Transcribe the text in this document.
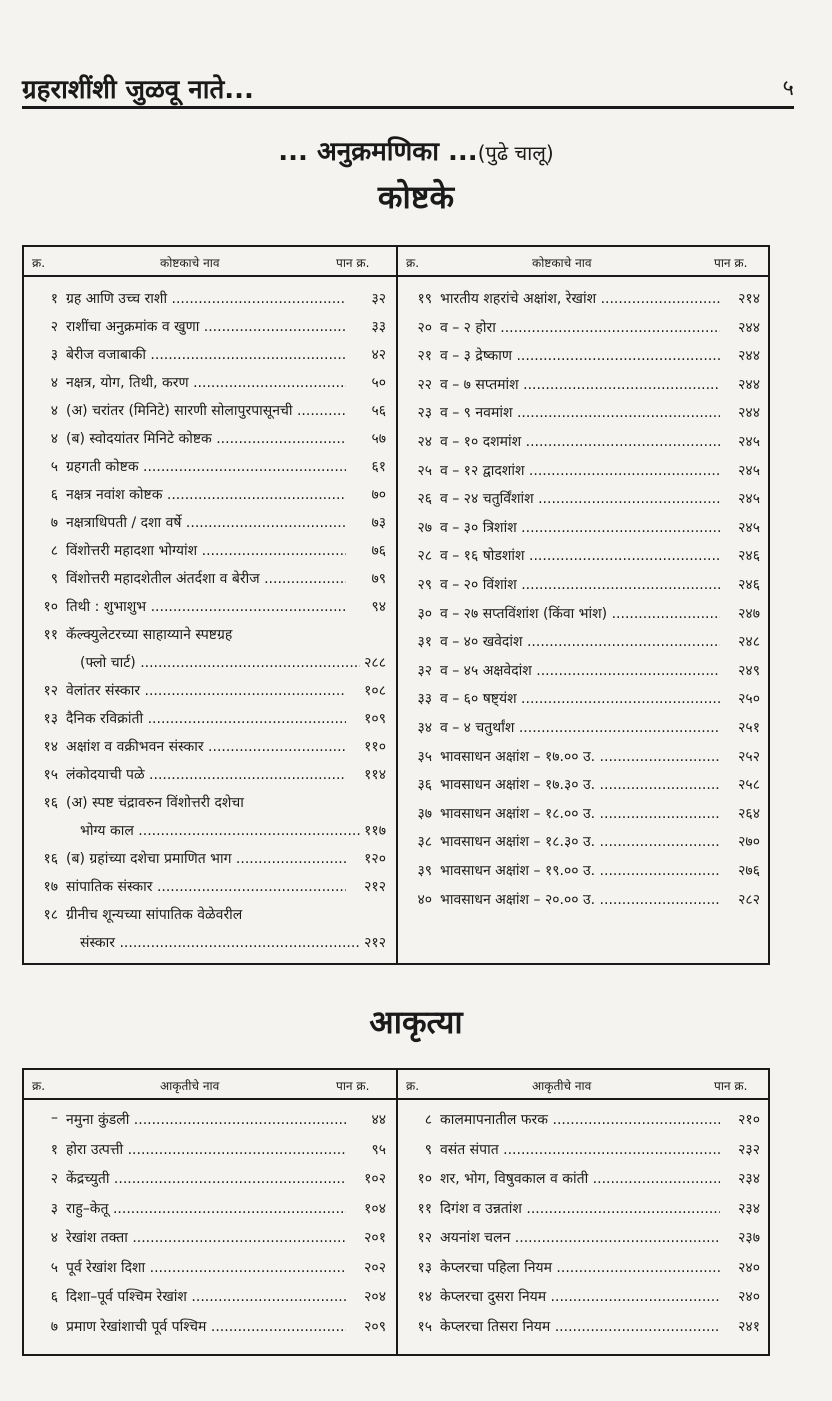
ग्रहराशींशी जुळवू नाते...	५
... अनुक्रमणिका ...(पुढे चालू)
कोष्टके
क्र.	कोष्टकाचे नाव	पान क्र.	क्र.	कोष्टकाचे नाव	पान क्र.
१ ग्रह आणि उच्च राशी .....	३२
२ राशींचा अनुक्रमांक व खुणा .....	३३
३ बेरीज वजाबाकी .....	४२
४ नक्षत्र, योग, तिथी, करण .....	५०
४ (अ) चरांतर (मिनिटे) सारणी सोलापुरपासूनची .....	५६
४ (ब) स्वोदयांतर मिनिटे कोष्टक .....	५७
५ ग्रहगती कोष्टक .....	६१
६ नक्षत्र नवांश कोष्टक .....	७०
७ नक्षत्राधिपती / दशा वर्षे .....	७३
८ विंशोत्तरी महादशा भोग्यांश .....	७६
९ विंशोत्तरी महादशेतील अंतर्दशा व बेरीज .....	७९
१० तिथी : शुभाशुभ .....	९४
११ कॅल्क्युलेटरच्या साहाय्याने स्पष्टग्रह
(फ्लो चार्ट) .....	२८८
१२ वेलांतर संस्कार .....	१०८
१३ दैनिक रविक्रांती .....	१०९
१४ अक्षांश व वक्रीभवन संस्कार .....	११०
१५ लंकोदयाची पळे .....	११४
१६ (अ) स्पष्ट चंद्रावरुन विंशोत्तरी दशेचा
भोग्य काल .....	११७
१६ (ब) ग्रहांच्या दशेचा प्रमाणित भाग .....	१२०
१७ सांपातिक संस्कार .....	२१२
१८ ग्रीनीच शून्यच्या सांपातिक वेळेवरील
संस्कार .....	२१२
१९ भारतीय शहरांचे अक्षांश, रेखांश .....	२१४
२० व – २ होरा .....	२४४
२१ व – ३ द्रेष्काण .....	२४४
२२ व – ७ सप्तमांश .....	२४४
२३ व – ९ नवमांश .....	२४४
२४ व – १० दशमांश .....	२४५
२५ व – १२ द्वादशांश .....	२४५
२६ व – २४ चतुर्विंशांश .....	२४५
२७ व – ३० त्रिशांश .....	२४५
२८ व – १६ षोडशांश .....	२४६
२९ व – २० विंशांश .....	२४६
३० व – २७ सप्तविंशांश (किंवा भांश) .....	२४७
३१ व – ४० खवेदांश .....	२४८
३२ व – ४५ अक्षवेदांश .....	२४९
३३ व – ६० षष्ट्यंश .....	२५०
३४ व – ४ चतुर्थांश .....	२५१
३५ भावसाधन अक्षांश – १७.०० उ. .....	२५२
३६ भावसाधन अक्षांश – १७.३० उ. .....	२५८
३७ भावसाधन अक्षांश – १८.०० उ. .....	२६४
३८ भावसाधन अक्षांश – १८.३० उ. .....	२७०
३९ भावसाधन अक्षांश – १९.०० उ. .....	२७६
४० भावसाधन अक्षांश – २०.०० उ. .....	२८२
आकृत्या
क्र.	आकृतीचे नाव	पान क्र.	क्र.	आकृतीचे नाव	पान क्र.
– नमुना कुंडली .....	४४
१ होरा उत्पत्ती .....	९५
२ केंद्रच्युती .....	१०२
३ राहु–केतू .....	१०४
४ रेखांश तक्ता .....	२०१
५ पूर्व रेखांश दिशा .....	२०२
६ दिशा–पूर्व पश्चिम रेखांश .....	२०४
७ प्रमाण रेखांशाची पूर्व पश्चिम .....	२०९
८ कालमापनातील फरक .....	२१०
९ वसंत संपात .....	२३२
१० शर, भोग, विषुवकाल व कांती .....	२३४
११ दिगंश व उन्नतांश .....	२३४
१२ अयनांश चलन .....	२३७
१३ केप्लरचा पहिला नियम .....	२४०
१४ केप्लरचा दुसरा नियम .....	२४०
१५ केप्लरचा तिसरा नियम .....	२४१
